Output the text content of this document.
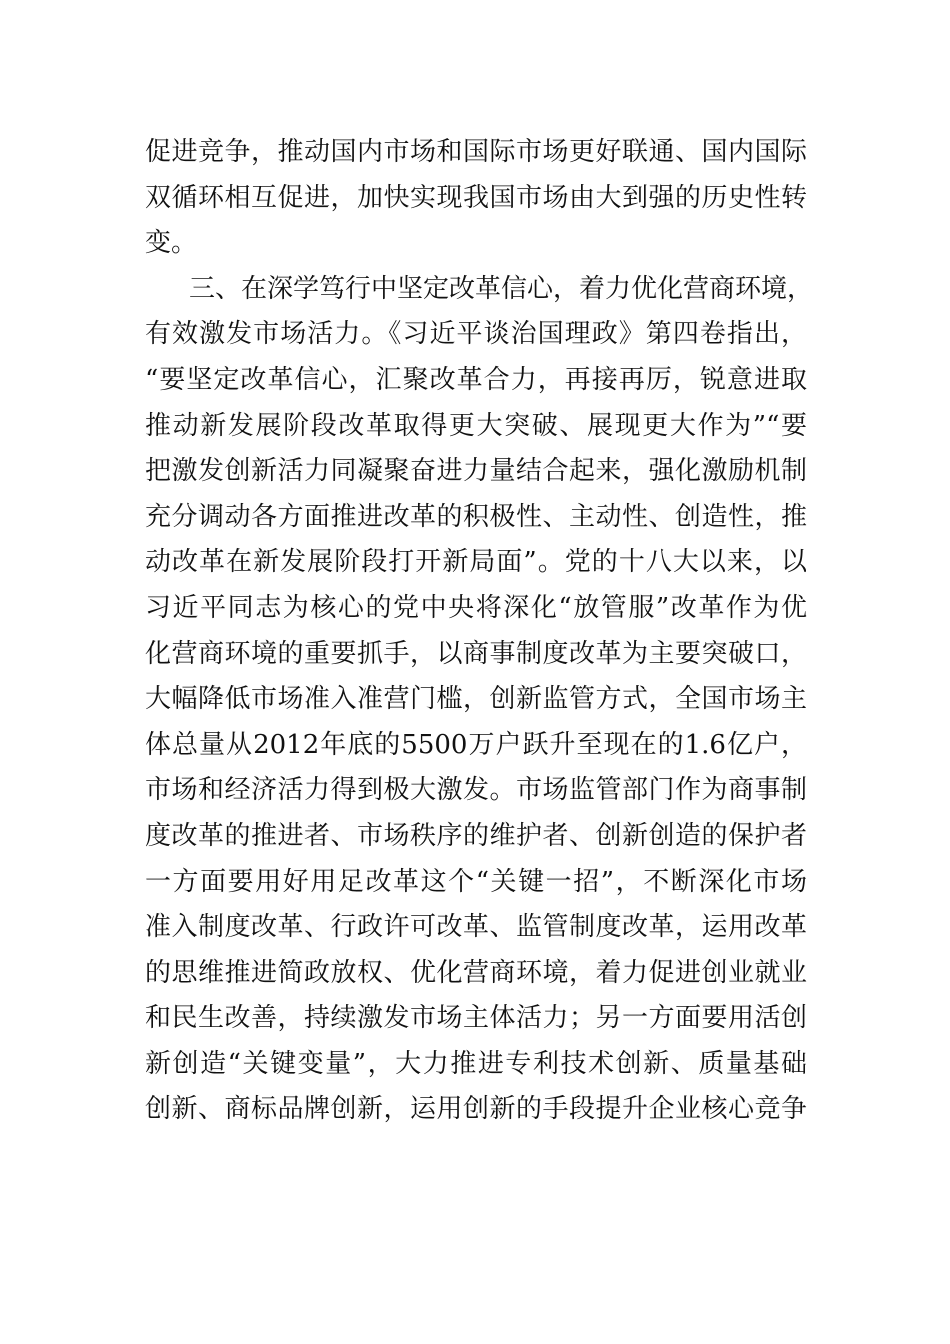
促进竞争，推动国内市场和国际市场更好联通、国内国际
双循环相互促进，加快实现我国市场由大到强的历史性转
变。
三、在深学笃行中坚定改革信心，着力优化营商环境，
有效激发市场活力。《习近平谈治国理政》第四卷指出，
“要坚定改革信心，汇聚改革合力，再接再厉，锐意进取
推动新发展阶段改革取得更大突破、展现更大作为”“要
把激发创新活力同凝聚奋进力量结合起来，强化激励机制
充分调动各方面推进改革的积极性、主动性、创造性，推
动改革在新发展阶段打开新局面”。党的十八大以来，以
习近平同志为核心的党中央将深化“放管服”改革作为优
化营商环境的重要抓手，以商事制度改革为主要突破口，
大幅降低市场准入准营门槛，创新监管方式，全国市场主
体总量从2012年底的5500万户跃升至现在的1.6亿户，
市场和经济活力得到极大激发。市场监管部门作为商事制
度改革的推进者、市场秩序的维护者、创新创造的保护者
一方面要用好用足改革这个“关键一招”，不断深化市场
准入制度改革、行政许可改革、监管制度改革，运用改革
的思维推进简政放权、优化营商环境，着力促进创业就业
和民生改善，持续激发市场主体活力；另一方面要用活创
新创造“关键变量”，大力推进专利技术创新、质量基础
创新、商标品牌创新，运用创新的手段提升企业核心竞争
